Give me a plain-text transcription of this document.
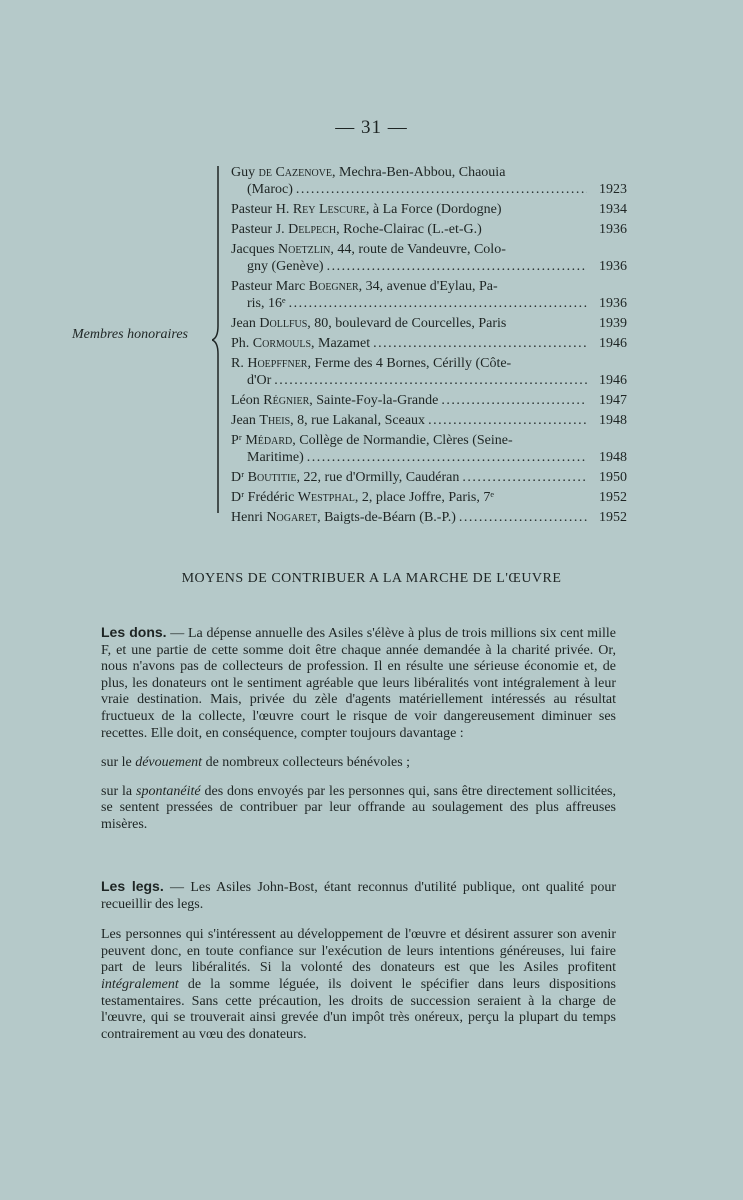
— 31 —
Membres honoraires
Guy de Cazenove, Mechra-Ben-Abbou, Chaouia
(Maroc) . . .	1923
Pasteur H. Rey Lescure, à La Force (Dordogne)	1934
Pasteur J. Delpech, Roche-Clairac (L.-et-G.)	1936
Jacques Noetzlin, 44, route de Vandeuvre, Colo-
gny (Genève) . . .	1936
Pasteur Marc Boegner, 34, avenue d'Eylau, Pa-
ris, 16ᵉ . . .	1936
Jean Dollfus, 80, boulevard de Courcelles, Paris	1939
Ph. Cormouls, Mazamet . . .	1946
R. Hoepffner, Ferme des 4 Bornes, Cérilly (Côte-
d'Or . . .	1946
Léon Régnier, Sainte-Foy-la-Grande . . .	1947
Jean Theis, 8, rue Lakanal, Sceaux . . .	1948
Pʳ Médard, Collège de Normandie, Clères (Seine-
Maritime) . . .	1948
Dʳ Boutitie, 22, rue d'Ormilly, Caudéran . . .	1950
Dʳ Frédéric Westphal, 2, place Joffre, Paris, 7ᵉ	1952
Henri Nogaret, Baigts-de-Béarn (B.-P.) . . .	1952
MOYENS DE CONTRIBUER A LA MARCHE DE L'ŒUVRE

Les dons. — La dépense annuelle des Asiles s'élève à plus de trois millions six cent mille F, et une partie de cette somme doit être chaque année demandée à la charité privée. Or, nous n'avons pas de collecteurs de profession. Il en résulte une sérieuse économie et, de plus, les donateurs ont le sentiment agréable que leurs libéralités vont intégralement à leur vraie destination. Mais, privée du zèle d'agents matériellement intéressés au résultat fructueux de la collecte, l'œuvre court le risque de voir dangereusement diminuer ses recettes. Elle doit, en conséquence, compter toujours davantage :

sur le dévouement de nombreux collecteurs bénévoles ;

sur la spontanéité des dons envoyés par les personnes qui, sans être directement sollicitées, se sentent pressées de contribuer par leur offrande au soulagement des plus affreuses misères.

Les legs. — Les Asiles John-Bost, étant reconnus d'utilité publique, ont qualité pour recueillir des legs.

Les personnes qui s'intéressent au développement de l'œuvre et désirent assurer son avenir peuvent donc, en toute confiance sur l'exécution de leurs intentions généreuses, lui faire part de leurs libéralités. Si la volonté des donateurs est que les Asiles profitent intégralement de la somme léguée, ils doivent le spécifier dans leurs dispositions testamentaires. Sans cette précaution, les droits de succession seraient à la charge de l'œuvre, qui se trouverait ainsi grevée d'un impôt très onéreux, perçu la plupart du temps contrairement au vœu des donateurs.
